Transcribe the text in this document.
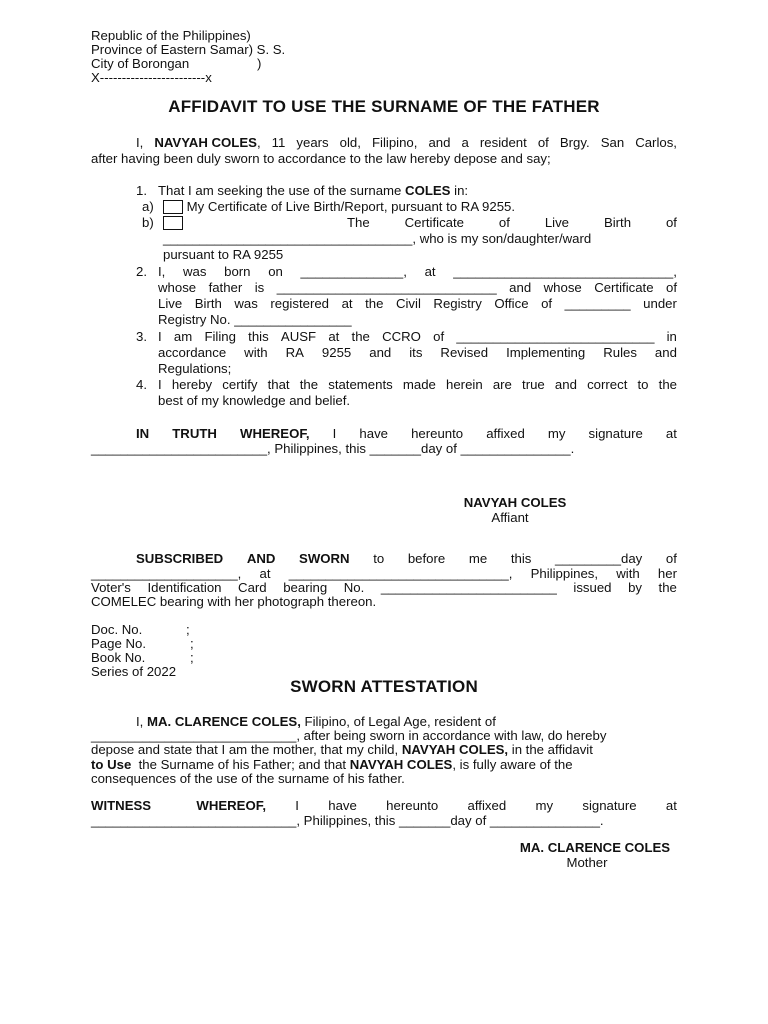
Republic of the Philippines)
Province of Eastern Samar) S. S.
City of Borongan	)
X------------------------x
AFFIDAVIT TO USE THE SURNAME OF THE FATHER
I, NAVYAH COLES, 11 years old, Filipino, and a resident of Brgy. San Carlos,
after having been duly sworn to accordance to the law hereby depose and say;
1. That I am seeking the use of the surname COLES in:
a)	My Certificate of Live Birth/Report, pursuant to RA 9255.
b)	The	Certificate	of	Live	Birth	of
__________________________________, who is my son/daughter/ward
pursuant to RA 9255
2. I, was born on ______________, at ______________________________,
whose father is ______________________________ and whose Certificate of
Live Birth was registered at the Civil Registry Office of _________ under
Registry No. ________________
3. I am Filing this AUSF at the CCRO of ___________________________ in
accordance with RA 9255 and its Revised Implementing Rules and
Regulations;
4. I hereby certify that the statements made herein are true and correct to the
best of my knowledge and belief.
IN TRUTH WHEREOF, I have hereunto affixed my signature at
________________________, Philippines, this _______day of _______________.
NAVYAH COLES
Affiant
SUBSCRIBED AND SWORN to before me this _________day of
____________________, at ______________________________, Philippines, with her
Voter's Identification Card bearing No. ________________________ issued by the
COMELEC bearing with her photograph thereon.
Doc. No.	;
Page No.	;
Book No.	;
Series of 2022
SWORN ATTESTATION
I, MA. CLARENCE COLES, Filipino, of Legal Age, resident of
____________________________, after being sworn in accordance with law, do hereby
depose and state that I am the mother, that my child, NAVYAH COLES, in the affidavit
to Use  the Surname of his Father; and that NAVYAH COLES, is fully aware of the
consequences of the use of the surname of his father.
WITNESS	WHEREOF, I have hereunto affixed my signature at
____________________________, Philippines, this _______day of _______________.
MA. CLARENCE COLES
Mother
